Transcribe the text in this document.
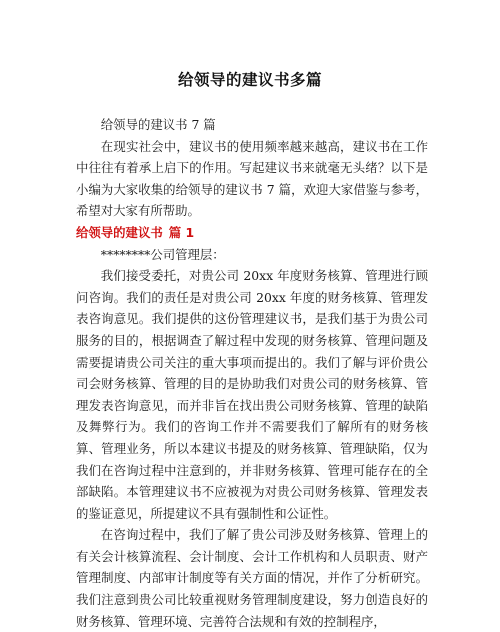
给领导的建议书多篇

给领导的建议书 7 篇

在现实社会中，建议书的使用频率越来越高，建议书在工作中往往有着承上启下的作用。写起建议书来就毫无头绪？以下是小编为大家收集的给领导的建议书 7 篇，欢迎大家借鉴与参考，希望对大家有所帮助。

给领导的建议书 篇 1

********公司管理层：

我们接受委托，对贵公司 20xx 年度财务核算、管理进行顾问咨询。我们的责任是对贵公司 20xx 年度的财务核算、管理发表咨询意见。我们提供的这份管理建议书，是我们基于为贵公司服务的目的，根据调查了解过程中发现的财务核算、管理问题及需要提请贵公司关注的重大事项而提出的。我们了解与评价贵公司会财务核算、管理的目的是协助我们对贵公司的财务核算、管理发表咨询意见，而并非旨在找出贵公司财务核算、管理的缺陷及舞弊行为。我们的咨询工作并不需要我们了解所有的财务核算、管理业务，所以本建议书提及的财务核算、管理缺陷，仅为我们在咨询过程中注意到的，并非财务核算、管理可能存在的全部缺陷。本管理建议书不应被视为对贵公司财务核算、管理发表的鉴证意见，所提建议不具有强制性和公证性。

在咨询过程中，我们了解了贵公司涉及财务核算、管理上的有关会计核算流程、会计制度、会计工作机构和人员职责、财产管理制度、内部审计制度等有关方面的情况，并作了分析研究。我们注意到贵公司比较重视财务管理制度建设，努力创造良好的财务核算、管理环境、完善符合法规和有效的控制程序，
